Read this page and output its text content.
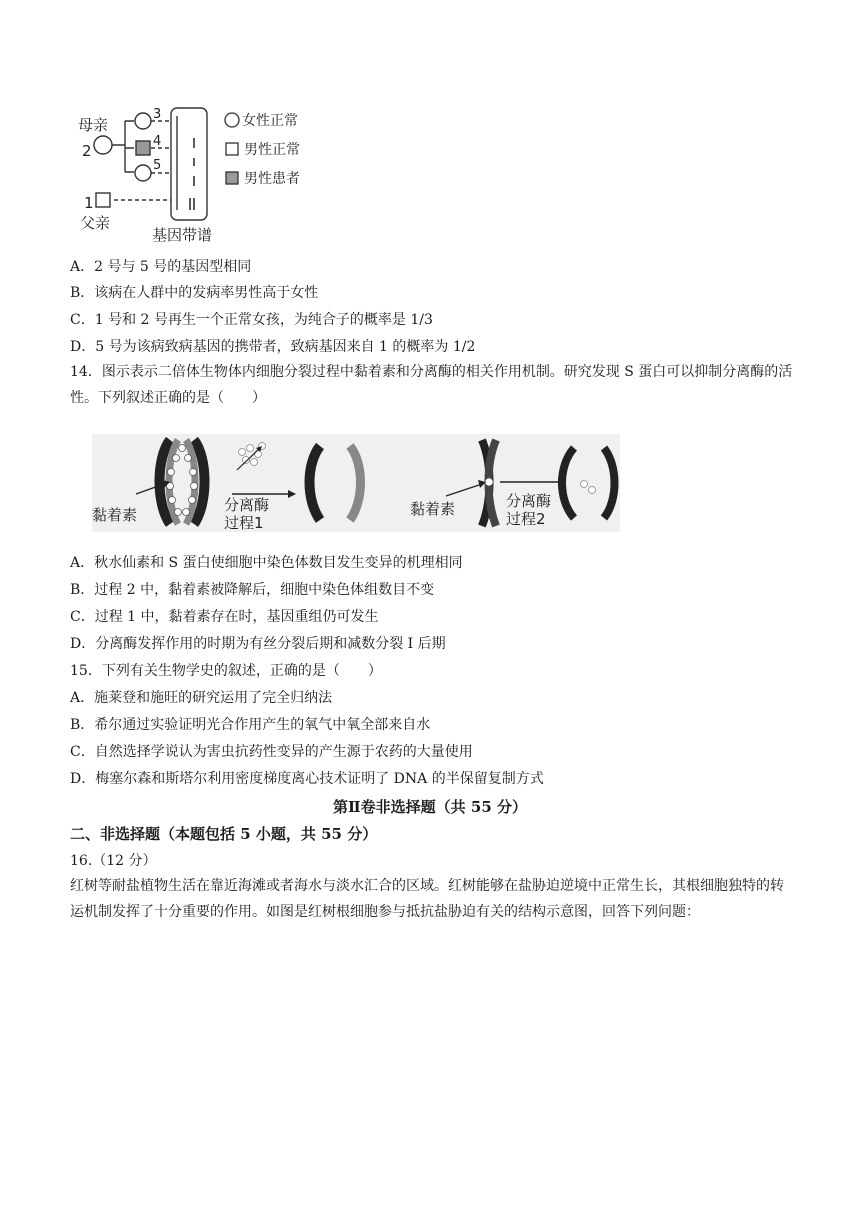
母亲
2
1
父亲
3
4
5
基因带谱
女性正常
男性正常
男性患者
A．2 号与 5 号的基因型相同
B．该病在人群中的发病率男性高于女性
C．1 号和 2 号再生一个正常女孩，为纯合子的概率是 1/3
D．5 号为该病致病基因的携带者，致病基因来自 1 的概率为 1/2
14．图示表示二倍体生物体内细胞分裂过程中黏着素和分离酶的相关作用机制。研究发现 S 蛋白可以抑制分离酶的活性。下列叙述正确的是（　　）
黏着素
分离酶
过程1
黏着素	分离酶
过程2
A．秋水仙素和 S 蛋白使细胞中染色体数目发生变异的机理相同
B．过程 2 中，黏着素被降解后，细胞中染色体组数目不变
C．过程 1 中，黏着素存在时，基因重组仍可发生
D．分离酶发挥作用的时期为有丝分裂后期和减数分裂 I 后期
15．下列有关生物学史的叙述，正确的是（　　）
A．施莱登和施旺的研究运用了完全归纳法
B．希尔通过实验证明光合作用产生的氧气中氧全部来自水
C．自然选择学说认为害虫抗药性变异的产生源于农药的大量使用
D．梅塞尔森和斯塔尔利用密度梯度离心技术证明了 DNA 的半保留复制方式
第Ⅱ卷非选择题（共 55 分）
二、非选择题（本题包括 5 小题，共 55 分）
16.（12 分）
红树等耐盐植物生活在靠近海滩或者海水与淡水汇合的区域。红树能够在盐胁迫逆境中正常生长，其根细胞独特的转运机制发挥了十分重要的作用。如图是红树根细胞参与抵抗盐胁迫有关的结构示意图，回答下列问题：
